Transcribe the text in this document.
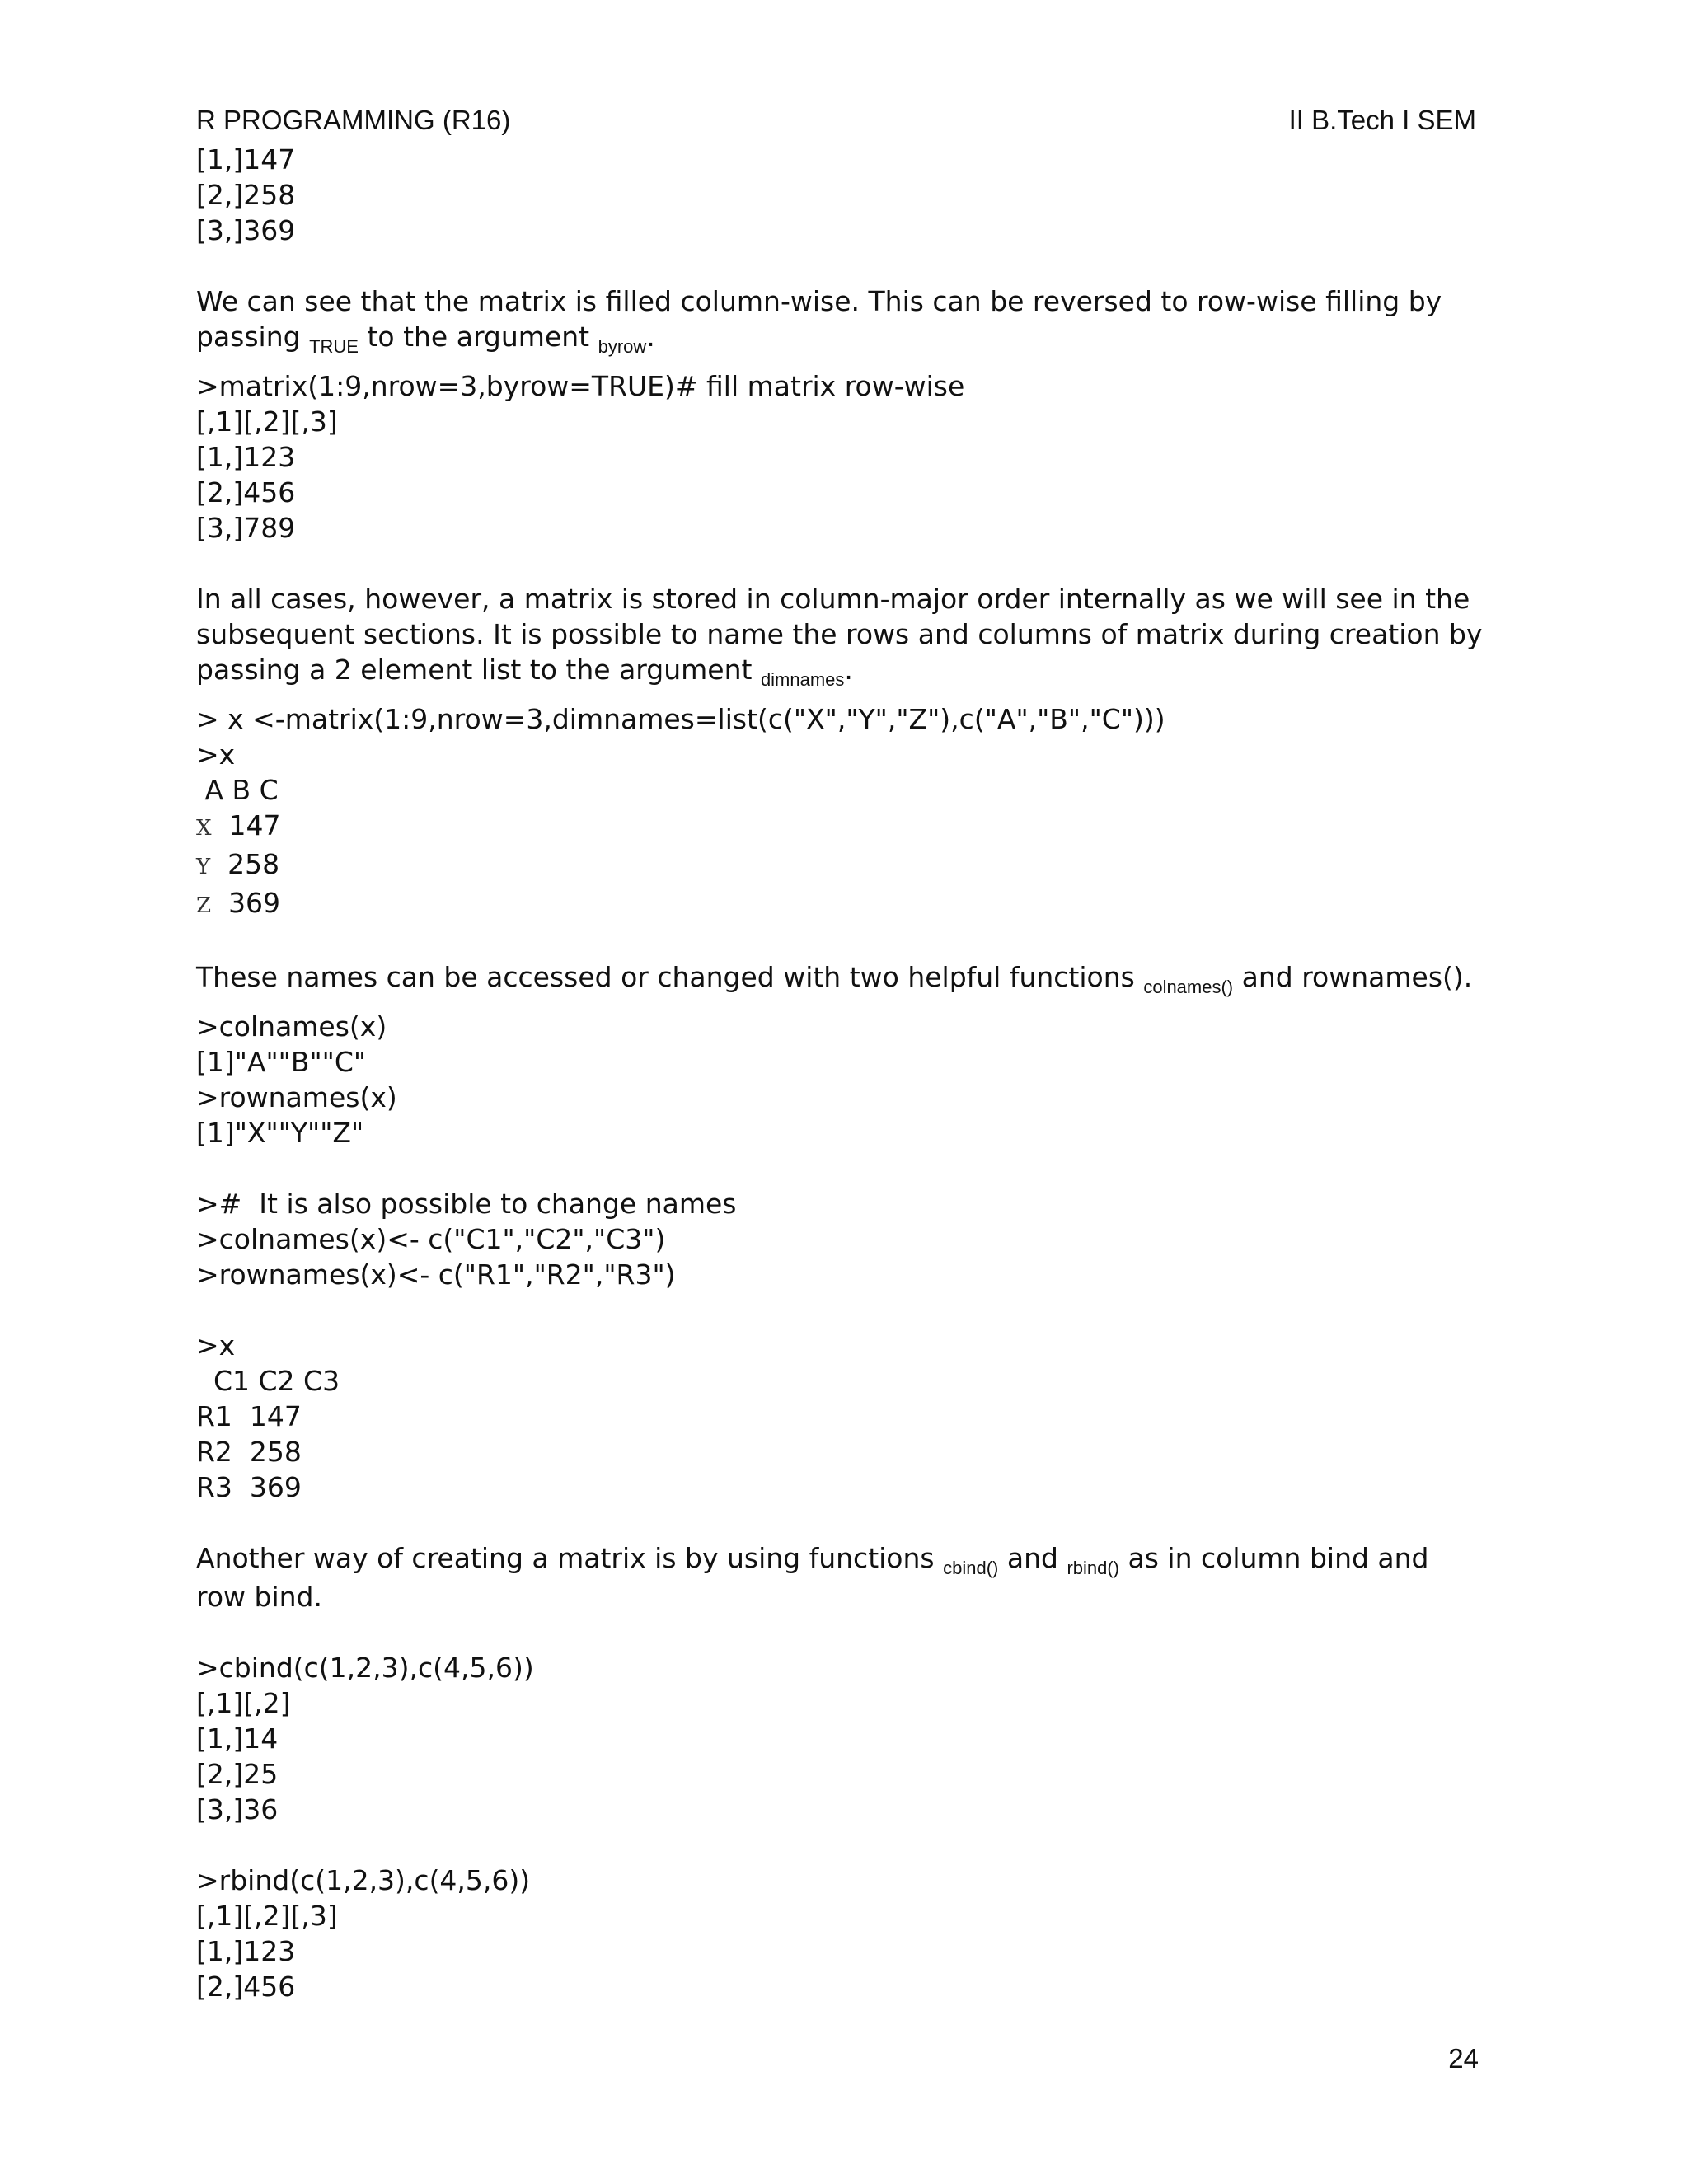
R PROGRAMMING (R16)	II B.Tech I SEM
[1,]147
[2,]258
[3,]369
We can see that the matrix is filled column-wise. This can be reversed to row-wise filling by
passing $_{TRUE}$ to the argument $_{byrow}$.
>matrix(1:9,nrow=3,byrow=TRUE)# fill matrix row-wise
[,1][,2][,3]
[1,]123
[2,]456
[3,]789
In all cases, however, a matrix is stored in column-major order internally as we will see in the
subsequent sections. It is possible to name the rows and columns of matrix during creation by
passing a 2 element list to the argument $_{dimnames}$.
> x <-matrix(1:9,nrow=3,dimnames=list(c("X","Y","Z"),c("A","B","C")))
>x
A B C
X 147
Y 258
Z 369
These names can be accessed or changed with two helpful functions $_{colnames()}$ and rownames().
>colnames(x)
[1]"A""B""C"
>rownames(x)
[1]"X""Y""Z"
>#  It is also possible to change names
>colnames(x)<- c("C1","C2","C3")
>rownames(x)<- c("R1","R2","R3")
>x
C1 C2 C3
R1  147
R2  258
R3  369
Another way of creating a matrix is by using functions $_{cbind()}$ and $_{rbind()}$ as in column bind and
row bind.
>cbind(c(1,2,3),c(4,5,6))
[,1][,2]
[1,]14
[2,]25
[3,]36
>rbind(c(1,2,3),c(4,5,6))
[,1][,2][,3]
[1,]123
[2,]456
24
